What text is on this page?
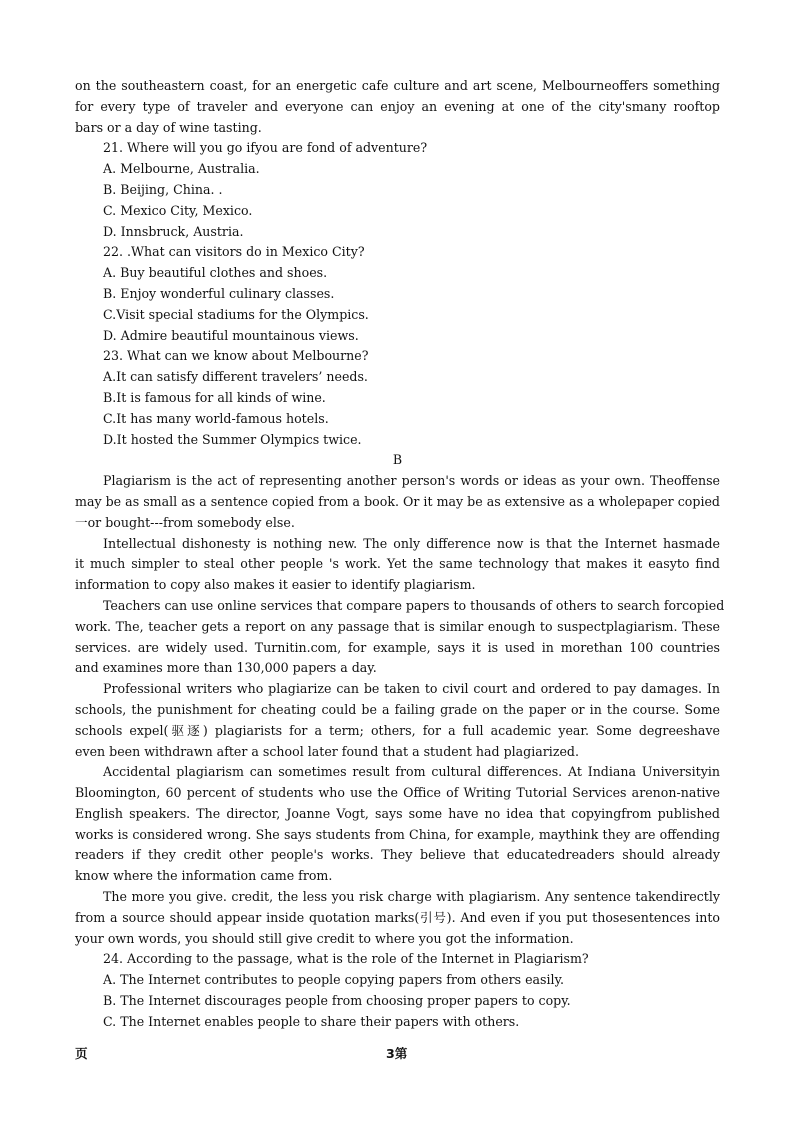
on the southeastern coast, for an energetic cafe culture and art scene, Melbourneoffers something
for every type of traveler and everyone can enjoy an evening at one of the city'smany rooftop
bars or a day of wine tasting.
21. Where will you go ifyou are fond of adventure?
A. Melbourne, Australia.
B. Beijing, China. .
C. Mexico City, Mexico.
D. Innsbruck, Austria.
22. .What can visitors do in Mexico City?
A. Buy beautiful clothes and shoes.
B. Enjoy wonderful culinary classes.
C.Visit special stadiums for the Olympics.
D. Admire beautiful mountainous views.
23. What can we know about Melbourne?
A.It can satisfy different travelers’ needs.
B.It is famous for all kinds of wine.
C.It has many world-famous hotels.
D.It hosted the Summer Olympics twice.
B
Plagiarism is the act of representing another person's words or ideas as your own. Theoffense
may be as small as a sentence copied from a book. Or it may be as extensive as a wholepaper copied
一or bought---from somebody else.
Intellectual dishonesty is nothing new. The only difference now is that the Internet hasmade
it much simpler to steal other people 's work. Yet the same technology that makes it easyto find
information to copy also makes it easier to identify plagiarism.
Teachers can use online services that compare papers to thousands of others to search forcopied
work. The, teacher gets a report on any passage that is similar enough to suspectplagiarism. These
services. are widely used. Turnitin.com, for example, says it is used in morethan 100 countries
and examines more than 130,000 papers a day.
Professional writers who plagiarize can be taken to civil court and ordered to pay damages. In
schools, the punishment for cheating could be a failing grade on the paper or in the course. Some
schools expel(驱逐) plagiarists for a term; others, for a full academic year. Some degreeshave
even been withdrawn after a school later found that a student had plagiarized.
Accidental plagiarism can sometimes result from cultural differences. At Indiana Universityin
Bloomington, 60 percent of students who use the Office of Writing Tutorial Services arenon-native
English speakers. The director, Joanne Vogt, says some have no idea that copyingfrom published
works is considered wrong. She says students from China, for example, maythink they are offending
readers if they credit other people's works. They believe that educatedreaders should already
know where the information came from.
The more you give. credit, the less you risk charge with plagiarism. Any sentence takendirectly
from a source should appear inside quotation marks(引号). And even if you put thosesentences into
your own words, you should still give credit to where you got the information.
24. According to the passage, what is the role of the Internet in Plagiarism?
A. The Internet contributes to people copying papers from others easily.
B. The Internet discourages people from choosing proper papers to copy.
C. The Internet enables people to share their papers with others.
页	3第
